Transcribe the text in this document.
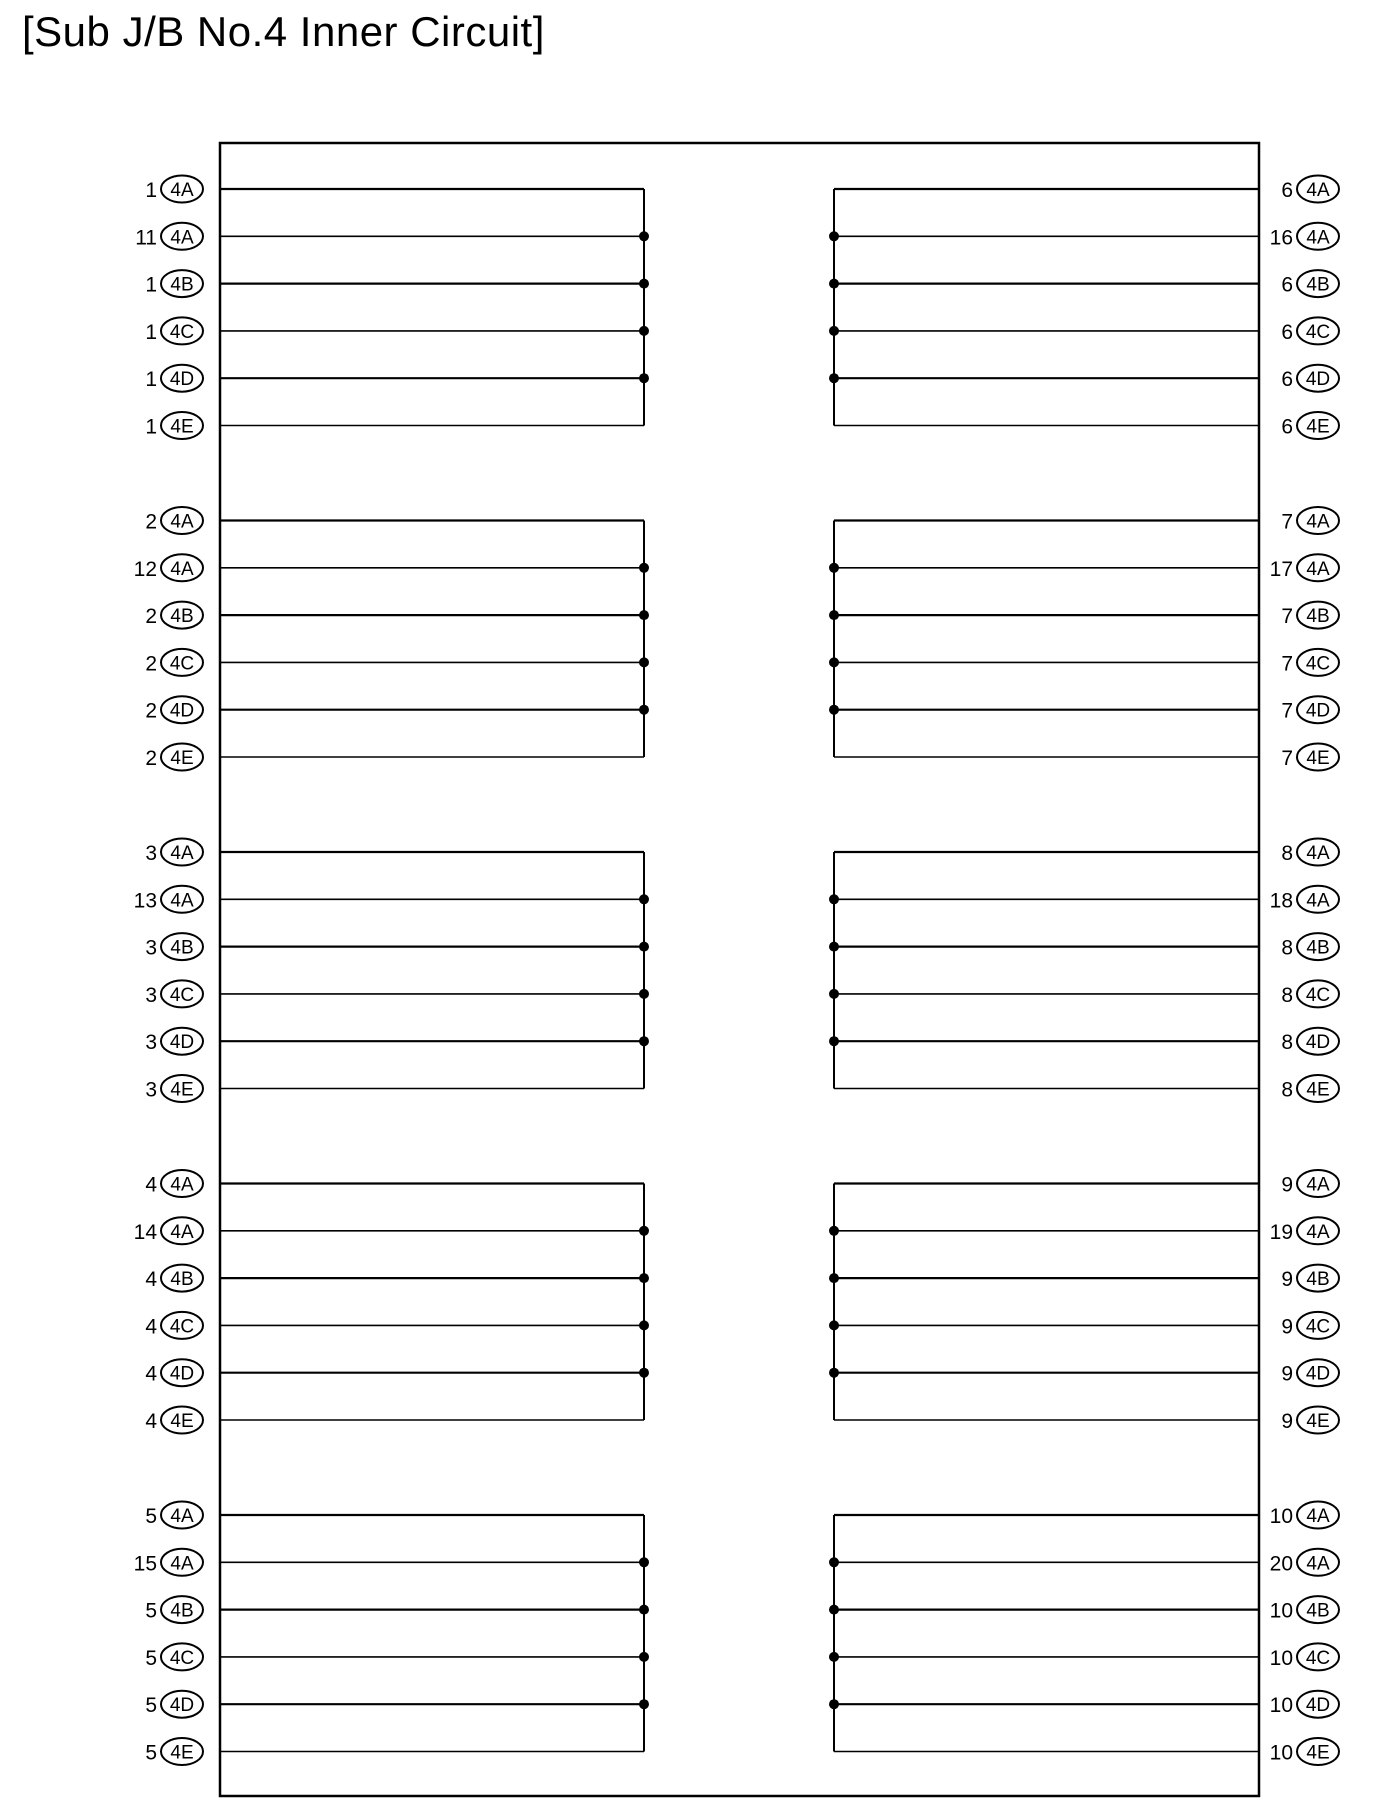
[Sub J/B No.4 Inner Circuit]
4A
1
4A
11
4B
1
4C
1
4D
1
4E
1
4A
6
4A
16
4B
6
4C
6
4D
6
4E
6
4A
2
4A
12
4B
2
4C
2
4D
2
4E
2
4A
7
4A
17
4B
7
4C
7
4D
7
4E
7
4A
3
4A
13
4B
3
4C
3
4D
3
4E
3
4A
8
4A
18
4B
8
4C
8
4D
8
4E
8
4A
4
4A
14
4B
4
4C
4
4D
4
4E
4
4A
9
4A
19
4B
9
4C
9
4D
9
4E
9
4A
5
4A
15
4B
5
4C
5
4D
5
4E
5
4A
10
4A
20
4B
10
4C
10
4D
10
4E
10
